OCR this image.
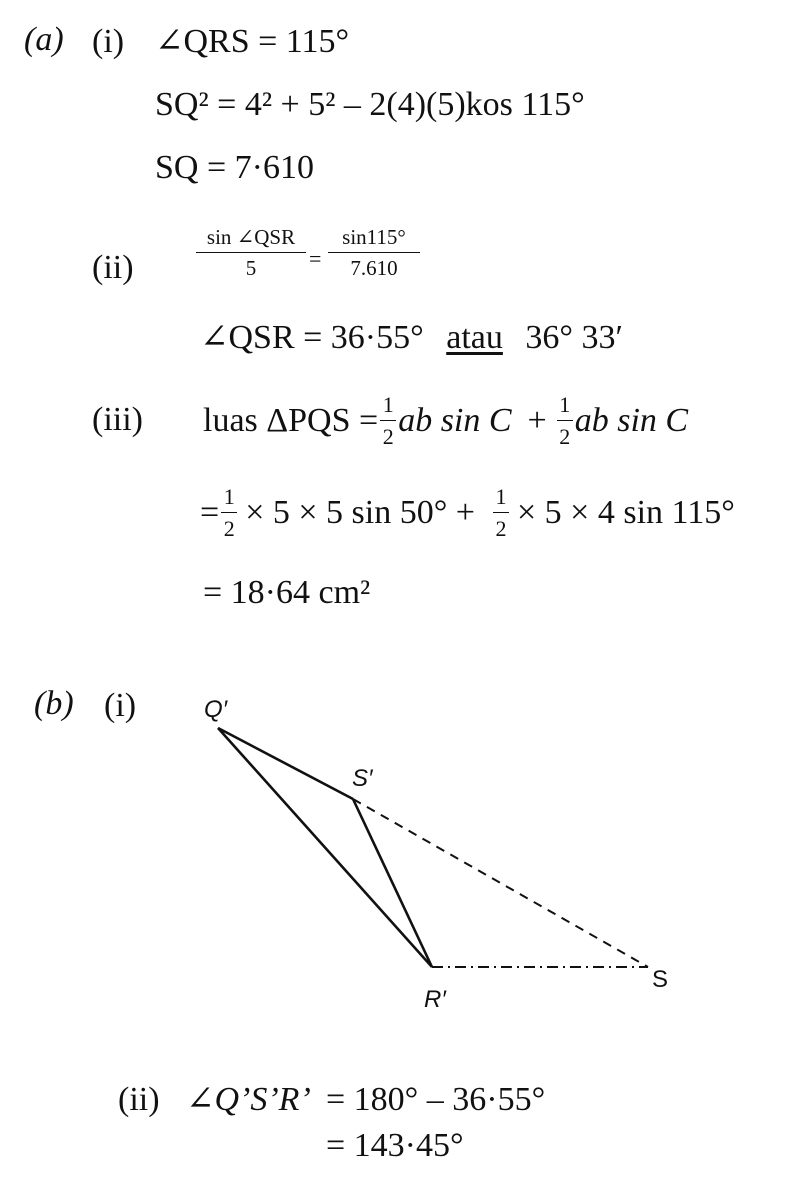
(a) (i) ∠QRS = 115°
SQ² = 4² + 5² – 2(4)(5)kos 115°
SQ = 7·610
(ii)
sin ∠QSR
5	=
sin115°
7.610
∠QSR = 36·55° atau 36° 33′
(iii) luas ΔPQS = 1
2 ab sin C + 1
2 ab sin C
= 1
2 × 5 × 5 sin 50° + 1
2 × 5 × 4 sin 115°
= 18·64 cm²
(b) (i)	Q′
S′
R′
S
(ii) ∠Q’S’R’ = 180° – 36·55°
= 143·45°
